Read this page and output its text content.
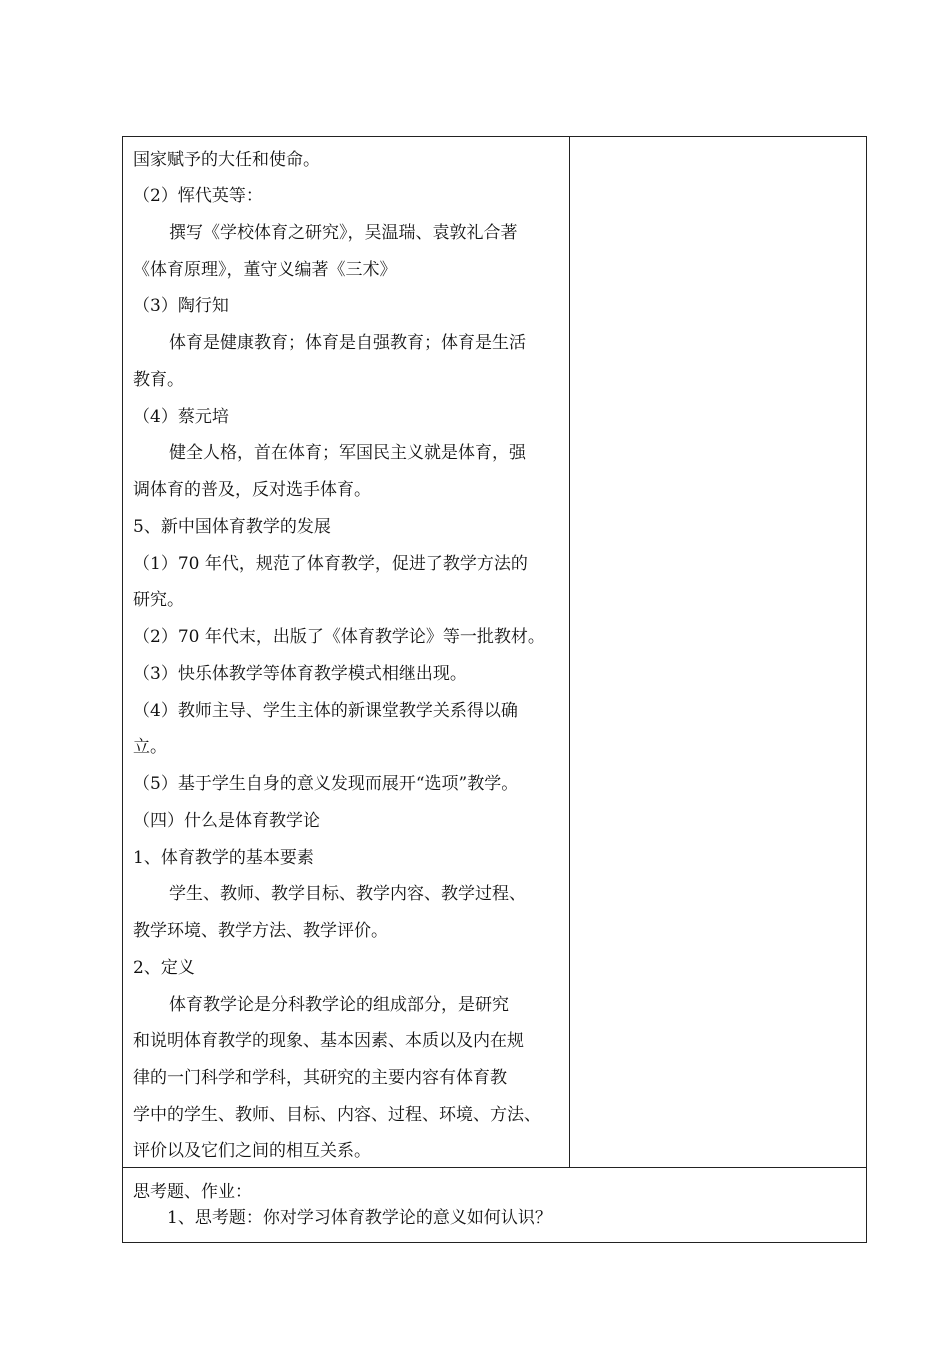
国家赋予的大任和使命。
（2）恽代英等：
撰写《学校体育之研究》，吴温瑞、袁敦礼合著
《体育原理》，董守义编著《三术》
（3）陶行知
体育是健康教育；体育是自强教育；体育是生活
教育。
（4）蔡元培
健全人格，首在体育；军国民主义就是体育，强
调体育的普及，反对选手体育。
5、新中国体育教学的发展
（1）70 年代，规范了体育教学，促进了教学方法的
研究。
（2）70 年代末，出版了《体育教学论》等一批教材。
（3）快乐体教学等体育教学模式相继出现。
（4）教师主导、学生主体的新课堂教学关系得以确
立。
（5）基于学生自身的意义发现而展开“选项”教学。
（四）什么是体育教学论
1、体育教学的基本要素
学生、教师、教学目标、教学内容、教学过程、
教学环境、教学方法、教学评价。
2、定义
体育教学论是分科教学论的组成部分，是研究
和说明体育教学的现象、基本因素、本质以及内在规
律的一门科学和学科，其研究的主要内容有体育教
学中的学生、教师、目标、内容、过程、环境、方法、
评价以及它们之间的相互关系。
思考题、作业：
1、思考题：你对学习体育教学论的意义如何认识？
